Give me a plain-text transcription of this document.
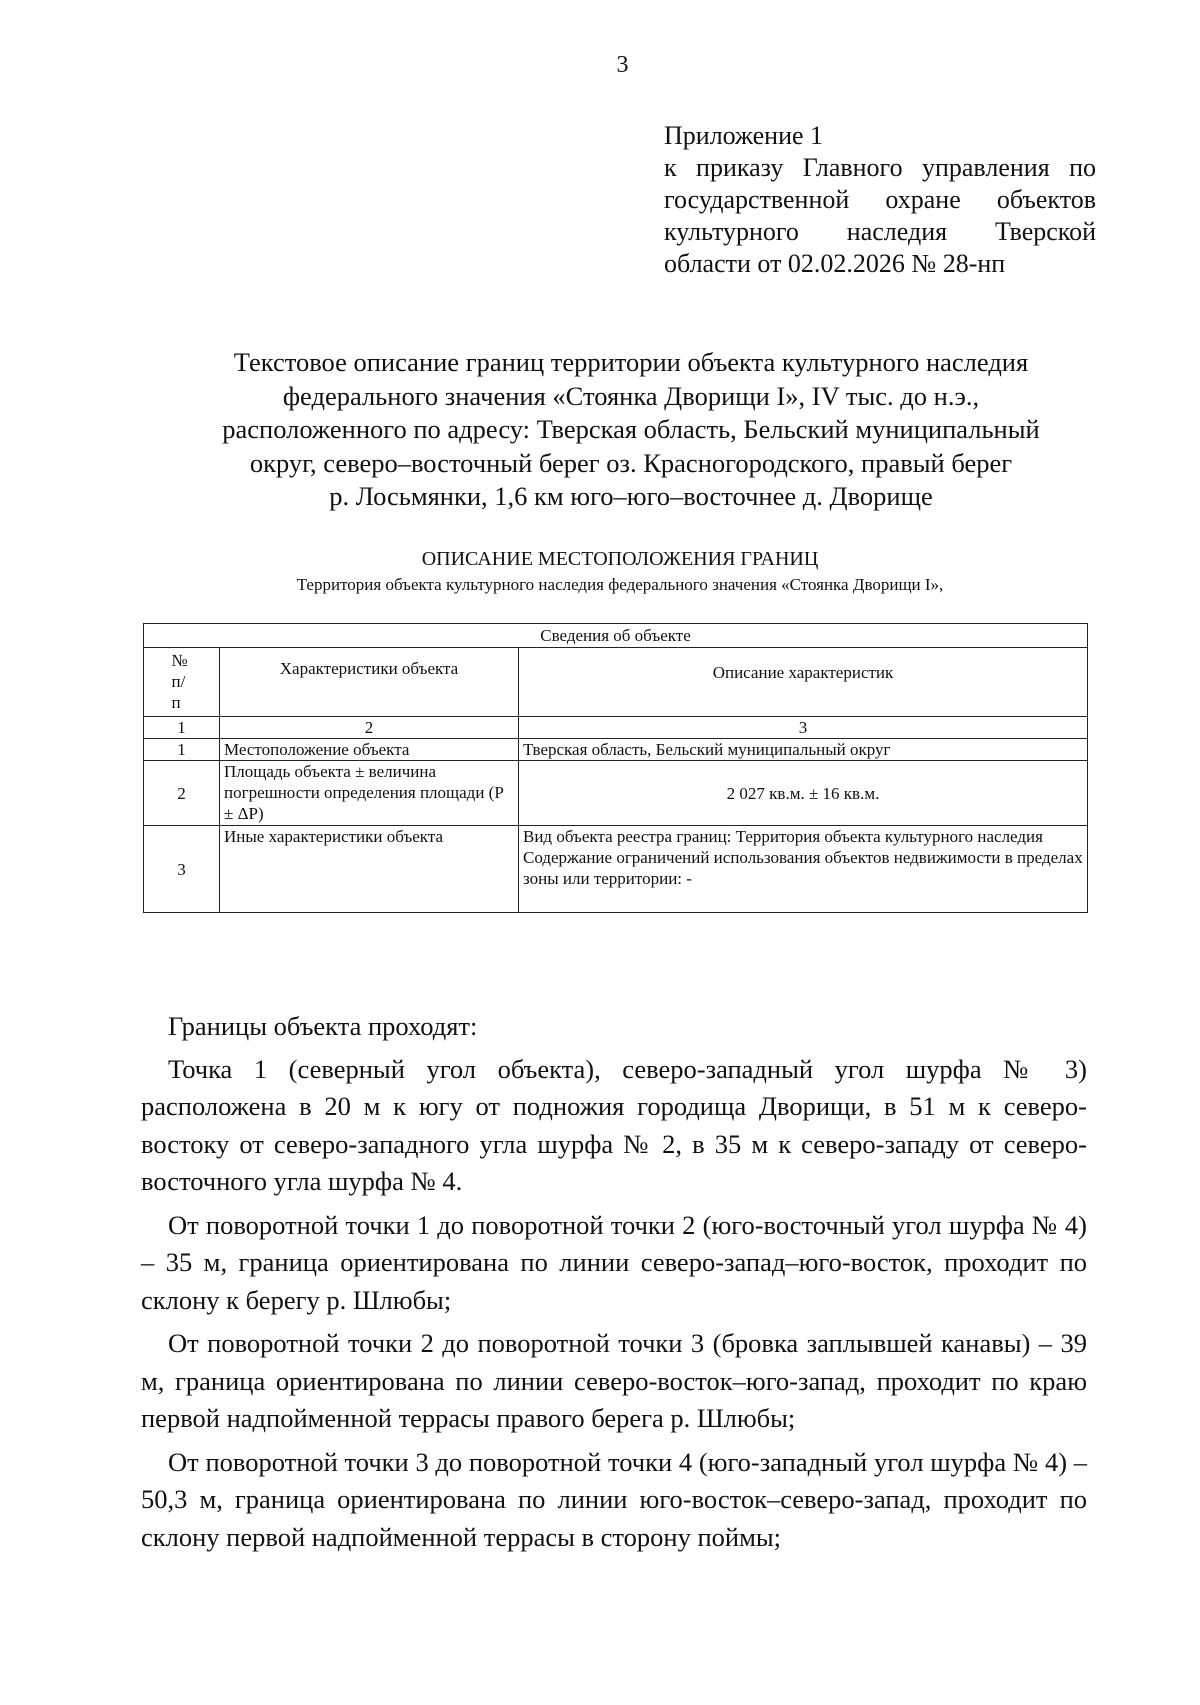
3
Приложение 1
к приказу Главного управления по
государственной охране объектов
культурного наследия Тверской
области от 02.02.2026 № 28-нп
Текстовое описание границ территории объекта культурного наследия
федерального значения «Стоянка Дворищи I», IV тыс. до н.э.,
расположенного по адресу: Тверская область, Бельский муниципальный
округ, северо–восточный берег оз. Красногородского, правый берег
р. Лосьмянки, 1,6 км юго–юго–восточнее д. Дворище
ОПИСАНИЕ МЕСТОПОЛОЖЕНИЯ ГРАНИЦ
Территория объекта культурного наследия федерального значения «Стоянка Дворищи I»,
Сведения об объекте		
№ п/ п	Характеристики объекта	Описание характеристик
1	2	3
1	Местоположение объекта	Тверская область, Бельский муниципальный округ
2	Площадь объекта ± величина погрешности определения площади (Р ± ΔР)	2 027 кв.м. ± 16 кв.м.
3	Иные характеристики объекта	Вид объекта реестра границ: Территория объекта культурного наследия
Содержание ограничений использования объектов недвижимости в пределах зоны или территории: -

Границы объекта проходят:

Точка 1 (северный угол объекта), северо-западный угол шурфа № 3) расположена в 20 м к югу от подножия городища Дворищи, в 51 м к северо-востоку от северо-западного угла шурфа № 2, в 35 м к северо-западу от северо-восточного угла шурфа № 4.

От поворотной точки 1 до поворотной точки 2 (юго-восточный угол шурфа № 4) – 35 м, граница ориентирована по линии северо-запад–юго-восток, проходит по склону к берегу р. Шлюбы;

От поворотной точки 2 до поворотной точки 3 (бровка заплывшей канавы) – 39 м, граница ориентирована по линии северо-восток–юго-запад, проходит по краю первой надпойменной террасы правого берега р. Шлюбы;

От поворотной точки 3 до поворотной точки 4 (юго-западный угол шурфа № 4) – 50,3 м, граница ориентирована по линии юго-восток–северо-запад, проходит по склону первой надпойменной террасы в сторону поймы;
